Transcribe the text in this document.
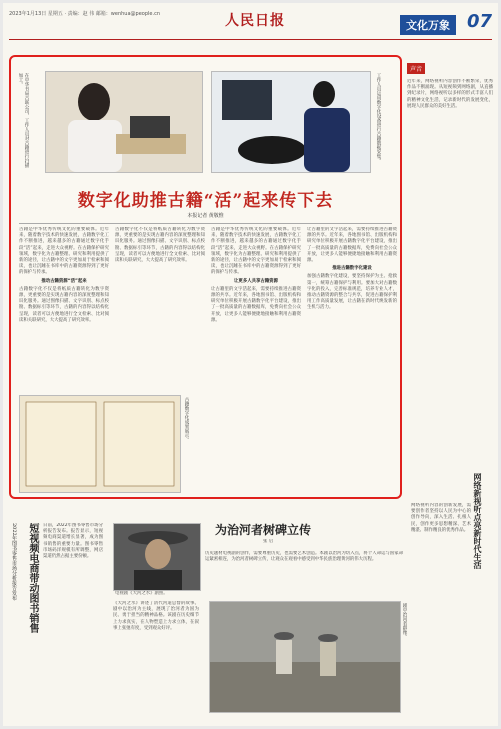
2023年1月13日 星期五 · 责编：赵 伟 邮箱：wenhua@people.cn	人民日报	文化万象 07
在中华书局古联公司，工作人员对古籍进行扫描加工。	工作人员运用数字化设备进行古籍数据采集。
数字化助推古籍“活”起来传下去
本报记者 黄敬惟
古籍是中华优秀传统文化的重要载体。近年来，随着数字技术的快速发展，古籍数字化工作不断推进，越来越多的古籍通过数字化手段“活”起来，走进大众视野。在古籍保护研究领域，数字化为古籍整理、研究和利用提供了新的途径，让古籍中的文字更加易于检索和阅读，也让沉睡在书库中的古籍资源得到了更好的保护与传承。
推动古籍资源“活”起来
古籍数字化不仅是将纸质古籍转化为数字资源，更重要的是实现古籍内容的深度整理和知识化服务。通过图像扫描、文字识别、标点校勘、数据标引等环节，古籍的内容得以结构化呈现，读者可以方便地进行全文检索、比对阅读和关联研究，大大提高了研究效率。
古籍数字化不仅是将纸质古籍转化为数字资源，更重要的是实现古籍内容的深度整理和知识化服务。通过图像扫描、文字识别、标点校勘、数据标引等环节，古籍的内容得以结构化呈现，读者可以方便地进行全文检索、比对阅读和关联研究，大大提高了研究效率。
古籍是中华优秀传统文化的重要载体。近年来，随着数字技术的快速发展，古籍数字化工作不断推进，越来越多的古籍通过数字化手段“活”起来，走进大众视野。在古籍保护研究领域，数字化为古籍整理、研究和利用提供了新的途径，让古籍中的文字更加易于检索和阅读，也让沉睡在书库中的古籍资源得到了更好的保护与传承。
让更多人共享古籍资源
让古籍里的文字活起来，需要持续推进古籍资源的共享。近年来，各地图书馆、出版机构和研究单位积极开展古籍数字化平台建设，推出了一批高质量的古籍数据库，免费向社会公众开放，让更多人能够便捷地接触和利用古籍资源。
让古籍里的文字活起来，需要持续推进古籍资源的共享。近年来，各地图书馆、出版机构和研究单位积极开展古籍数字化平台建设，推出了一批高质量的古籍数据库，免费向社会公众开放，让更多人能够便捷地接触和利用古籍资源。
推进古籍数字化建设
加强古籍数字化建设，要坚持保护为主、抢救第一，统筹古籍保护与利用。要加大对古籍数字化的投入，完善标准规范，培养专业人才，推动古籍资源的整合与共享，促进古籍保护利用工作高质量发展，让古籍在新时代焕发新的生机与活力。
古籍数字化成果展示。
声音
近年来，网络视听内容创作不断繁荣，优秀作品不断涌现。从短视频到网络剧，从直播到纪录片，网络视听以多样的形式丰富人们的精神文化生活，记录新时代的发展变化，展现人民群众的美好生活。
网络新视听点亮新时代生活
短视频电商带动图书销售
2022年图书零售市场分析报告发布	日前，2022年图书零售市场分析报告发布。报告显示，短视频电商渠道增长显著，成为图书销售的重要力量。图书零售市场码洋规模有所调整，网店渠道仍然占据主要份额。
为治河者树碑立传
张 启
电视剧《大河之水》剧照。
《大河之水》讲述了清代河道总督的故事。剧中以治河为主线，展现了治河者为国为民、勇于担当的精神品格。该剧在历史细节上力求真实，在人物塑造上力求立体，在叙事上张弛有度，受到观众好评。
历史题材电视剧的创作，需要尊重历史，也需要艺术创造。本剧以治河为切入点，将个人命运与国家命运紧密相连，为治河者树碑立传，让观众在观看中感受到中华民族治理黄河的伟大历程。
剧中治河者群像。
网络视听内容的创新发展，需要创作者坚持以人民为中心的创作导向，深入生活、扎根人民，创作更多思想精深、艺术精湛、制作精良的优秀作品。
